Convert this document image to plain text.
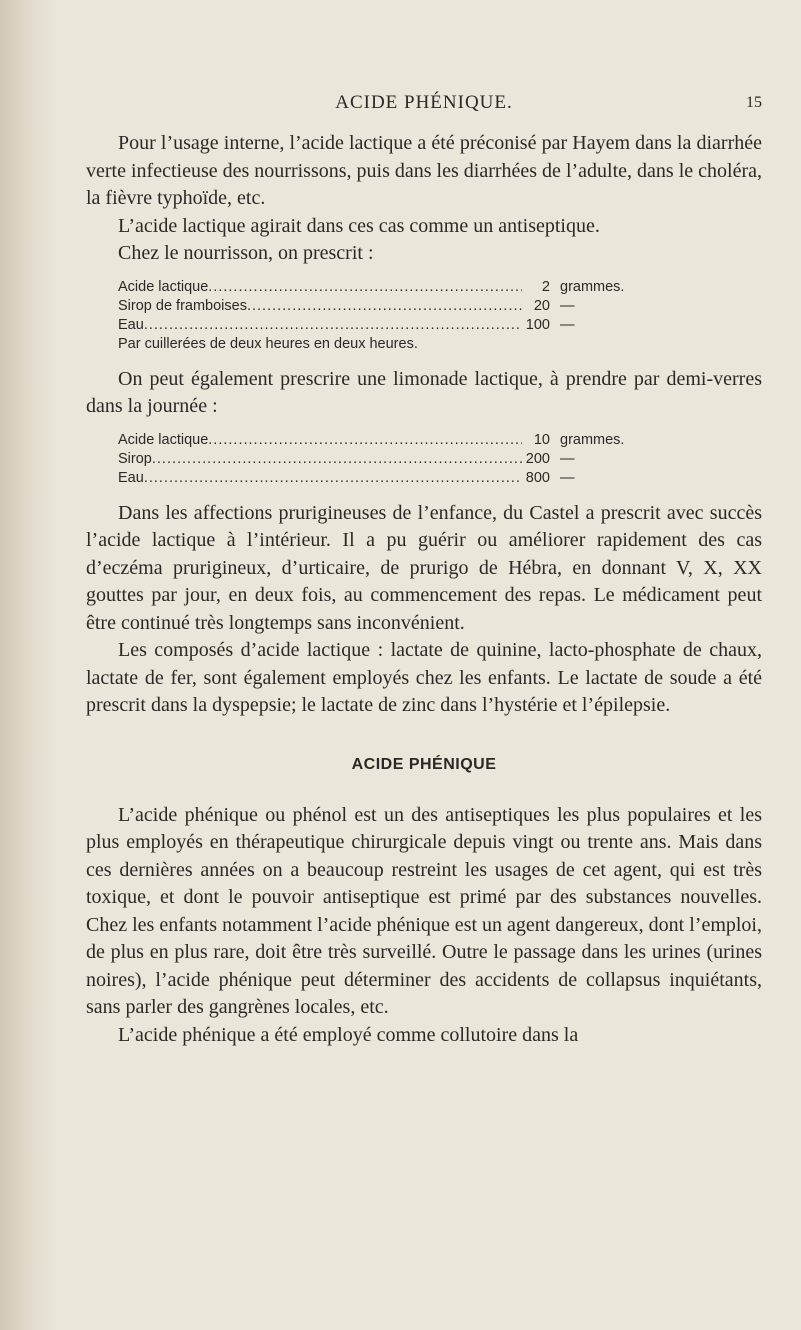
ACIDE PHÉNIQUE.	15

Pour l’usage interne, l’acide lactique a été préconisé par Hayem dans la diarrhée verte infectieuse des nourrissons, puis dans les diarrhées de l’adulte, dans le choléra, la fièvre typhoïde, etc.

L’acide lactique agirait dans ces cas comme un antiseptique.

Chez le nourrisson, on prescrit :

Acide lactique .....	2 grammes.
Sirop de framboises .....	20 —
Eau .....	100 —
Par cuillerées de deux heures en deux heures.

On peut également prescrire une limonade lactique, à prendre par demi-verres dans la journée :

Acide lactique .....	10 grammes.
Sirop .....	200 —
Eau .....	800 —

Dans les affections prurigineuses de l’enfance, du Castel a prescrit avec succès l’acide lactique à l’intérieur. Il a pu guérir ou améliorer rapidement des cas d’eczéma prurigineux, d’urticaire, de prurigo de Hébra, en donnant V, X, XX gouttes par jour, en deux fois, au commencement des repas. Le médicament peut être continué très longtemps sans inconvénient.

Les composés d’acide lactique : lactate de quinine, lacto-phosphate de chaux, lactate de fer, sont également employés chez les enfants. Le lactate de soude a été prescrit dans la dyspepsie; le lactate de zinc dans l’hystérie et l’épilepsie.

ACIDE PHÉNIQUE

L’acide phénique ou phénol est un des antiseptiques les plus populaires et les plus employés en thérapeutique chirurgicale depuis vingt ou trente ans. Mais dans ces dernières années on a beaucoup restreint les usages de cet agent, qui est très toxique, et dont le pouvoir antiseptique est primé par des substances nouvelles. Chez les enfants notamment l’acide phénique est un agent dangereux, dont l’emploi, de plus en plus rare, doit être très surveillé. Outre le passage dans les urines (urines noires), l’acide phénique peut déterminer des accidents de collapsus inquiétants, sans parler des gangrènes locales, etc.

L’acide phénique a été employé comme collutoire dans la
